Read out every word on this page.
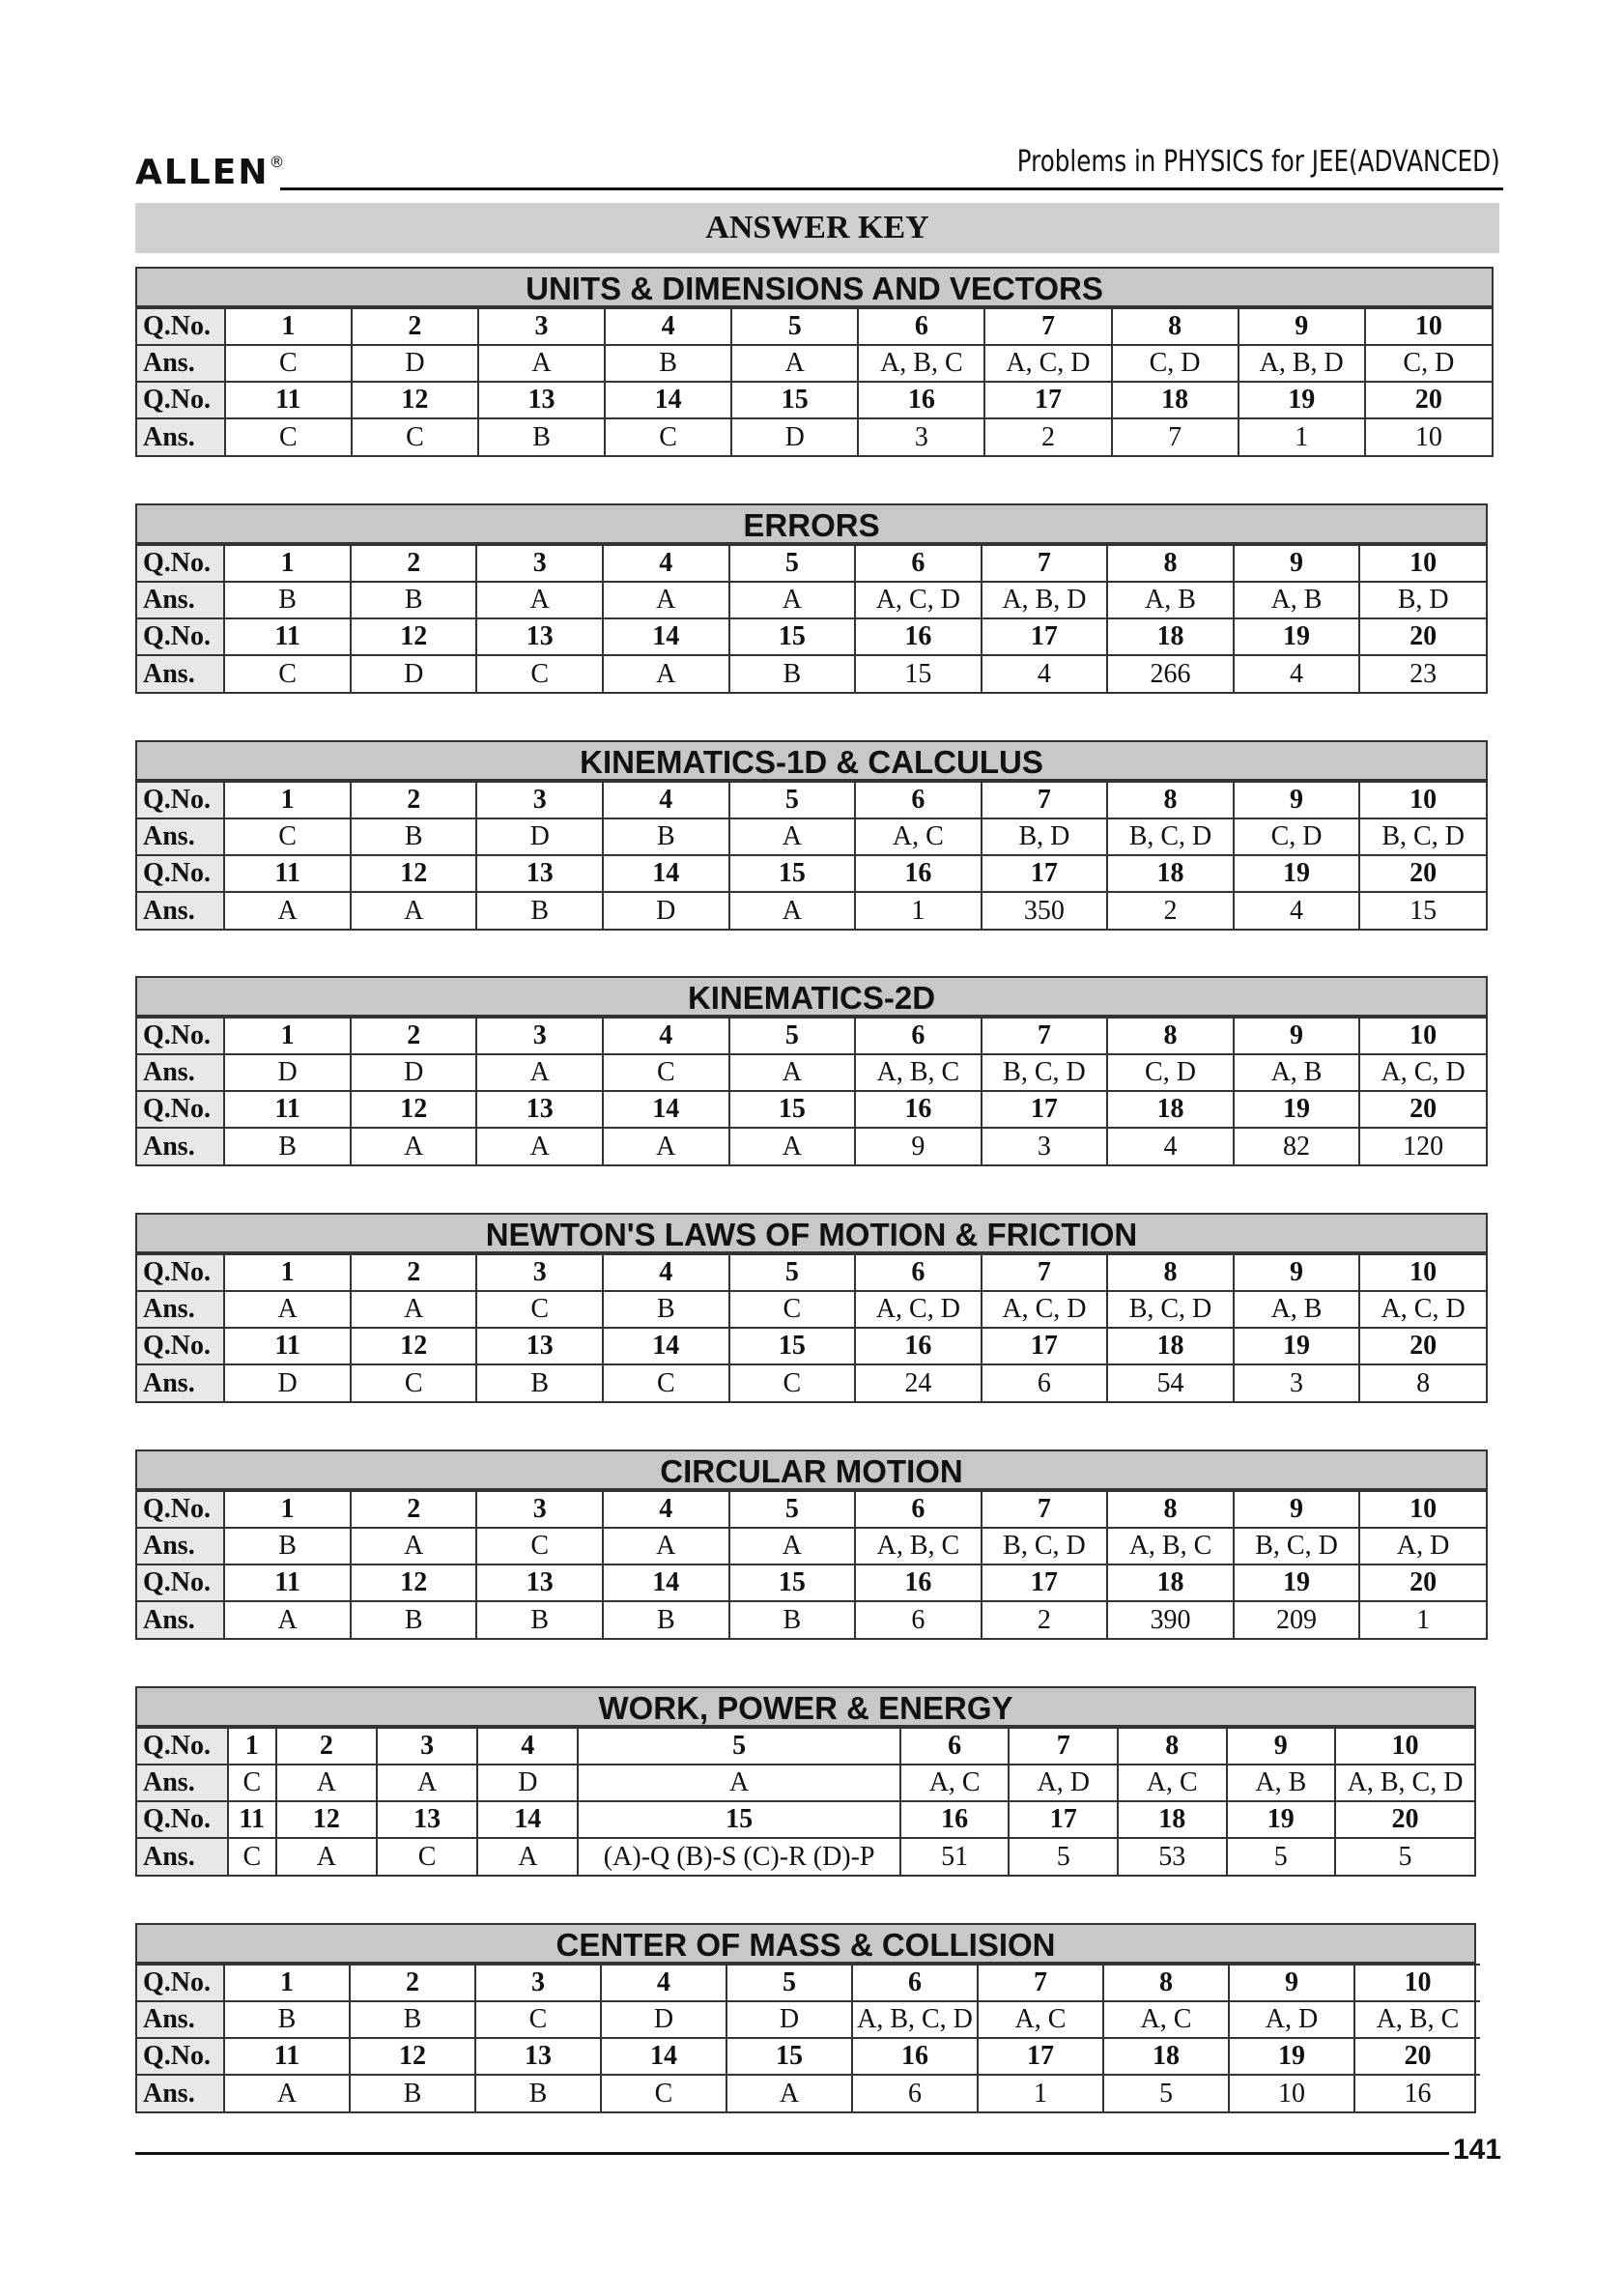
ALLEN®	Problems in PHYSICS for JEE(ADVANCED)
ANSWER KEY
UNITS & DIMENSIONS AND VECTORS
Q.No.	1	2	3	4	5	6	7	8	9	10
Ans.	C	D	A	B	A	A, B, C	A, C, D	C, D	A, B, D	C, D
Q.No.	11	12	13	14	15	16	17	18	19	20
Ans.	C	C	B	C	D	3	2	7	1	10
ERRORS
Q.No.	1	2	3	4	5	6	7	8	9	10
Ans.	B	B	A	A	A	A, C, D	A, B, D	A, B	A, B	B, D
Q.No.	11	12	13	14	15	16	17	18	19	20
Ans.	C	D	C	A	B	15	4	266	4	23
KINEMATICS-1D & CALCULUS
Q.No.	1	2	3	4	5	6	7	8	9	10
Ans.	C	B	D	B	A	A, C	B, D	B, C, D	C, D	B, C, D
Q.No.	11	12	13	14	15	16	17	18	19	20
Ans.	A	A	B	D	A	1	350	2	4	15
KINEMATICS-2D
Q.No.	1	2	3	4	5	6	7	8	9	10
Ans.	D	D	A	C	A	A, B, C	B, C, D	C, D	A, B	A, C, D
Q.No.	11	12	13	14	15	16	17	18	19	20
Ans.	B	A	A	A	A	9	3	4	82	120
NEWTON'S LAWS OF MOTION & FRICTION
Q.No.	1	2	3	4	5	6	7	8	9	10
Ans.	A	A	C	B	C	A, C, D	A, C, D	B, C, D	A, B	A, C, D
Q.No.	11	12	13	14	15	16	17	18	19	20
Ans.	D	C	B	C	C	24	6	54	3	8
CIRCULAR MOTION
Q.No.	1	2	3	4	5	6	7	8	9	10
Ans.	B	A	C	A	A	A, B, C	B, C, D	A, B, C	B, C, D	A, D
Q.No.	11	12	13	14	15	16	17	18	19	20
Ans.	A	B	B	B	B	6	2	390	209	1
WORK, POWER & ENERGY
Q.No.	1	2	3	4	5	6	7	8	9	10
Ans.	C	A	A	D	A	A, C	A, D	A, C	A, B	A, B, C, D
Q.No.	11	12	13	14	15	16	17	18	19	20
Ans.	C	A	C	A	(A)-Q (B)-S (C)-R (D)-P	51	5	53	5	5
CENTER OF MASS & COLLISION
Q.No.	1	2	3	4	5	6	7	8	9	10
Ans.	B	B	C	D	D	A, B, C, D	A, C	A, C	A, D	A, B, C
Q.No.	11	12	13	14	15	16	17	18	19	20
Ans.	A	B	B	C	A	6	1	5	10	16
141
